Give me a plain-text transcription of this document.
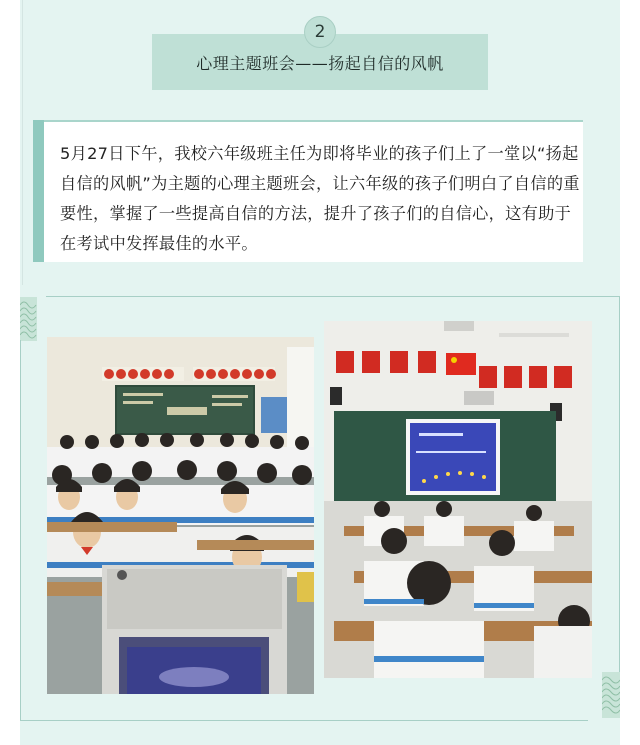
心理主题班会——扬起自信的风帆
2
5月27日下午，我校六年级班主任为即将毕业的孩子们上了一堂以“扬起自信的风帆”为主题的心理主题班会，让六年级的孩子们明白了自信的重要性，掌握了一些提高自信的方法，提升了孩子们的自信心，这有助于在考试中发挥最佳的水平。
